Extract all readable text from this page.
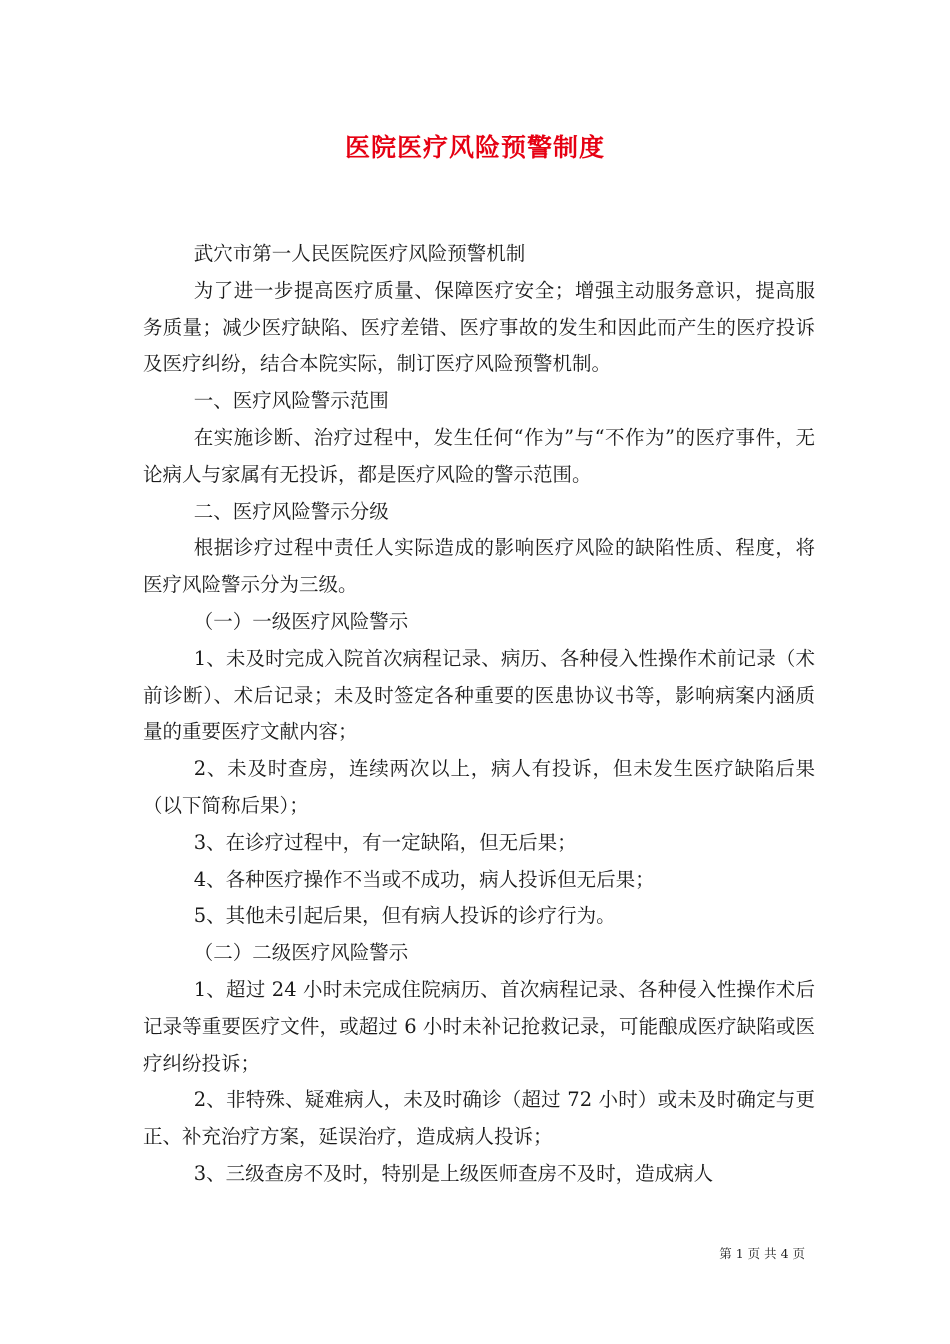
医院医疗风险预警制度

武穴市第一人民医院医疗风险预警机制

为了进一步提高医疗质量、保障医疗安全；增强主动服务意识，提高服务质量；减少医疗缺陷、医疗差错、医疗事故的发生和因此而产生的医疗投诉及医疗纠纷，结合本院实际，制订医疗风险预警机制。

一、医疗风险警示范围

在实施诊断、治疗过程中，发生任何“作为”与“不作为”的医疗事件，无论病人与家属有无投诉，都是医疗风险的警示范围。

二、医疗风险警示分级

根据诊疗过程中责任人实际造成的影响医疗风险的缺陷性质、程度，将医疗风险警示分为三级。

（一）一级医疗风险警示

1、未及时完成入院首次病程记录、病历、各种侵入性操作术前记录（术前诊断）、术后记录；未及时签定各种重要的医患协议书等，影响病案内涵质量的重要医疗文献内容；

2、未及时查房，连续两次以上，病人有投诉，但未发生医疗缺陷后果（以下简称后果）；

3、在诊疗过程中，有一定缺陷，但无后果；

4、各种医疗操作不当或不成功，病人投诉但无后果；

5、其他未引起后果，但有病人投诉的诊疗行为。

（二）二级医疗风险警示

1、超过 24 小时未完成住院病历、首次病程记录、各种侵入性操作术后记录等重要医疗文件，或超过 6 小时未补记抢救记录，可能酿成医疗缺陷或医疗纠纷投诉；

2、非特殊、疑难病人，未及时确诊（超过 72 小时）或未及时确定与更正、补充治疗方案，延误治疗，造成病人投诉；

3、三级查房不及时，特别是上级医师查房不及时，造成病人

第 1 页 共 4 页
